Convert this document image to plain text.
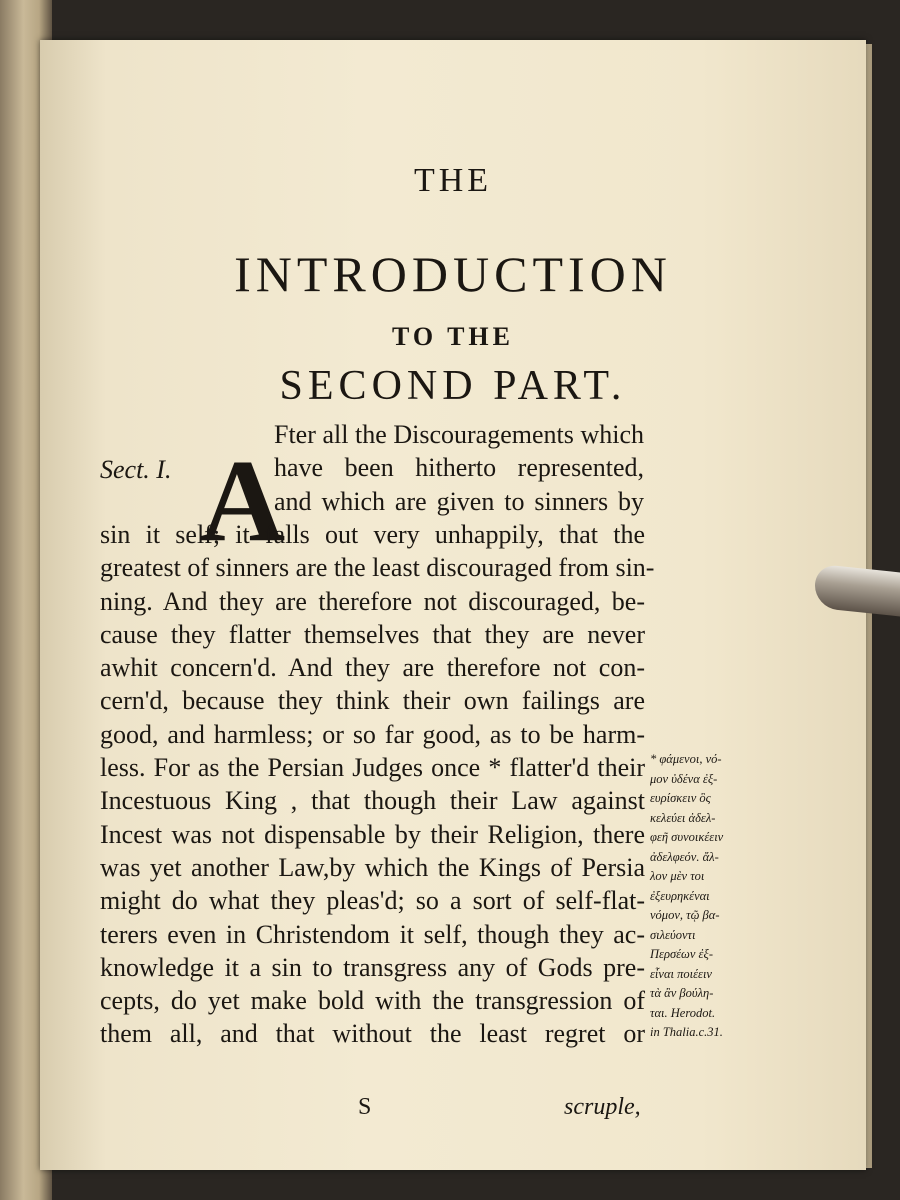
THE
INTRODUCTION
TO THE
SECOND PART.
Sect. I. A
Fter all the Discouragements which
have been hitherto represented,
and which are given to sinners by
sin it self; it falls out very unhappily, that the
greatest of sinners are the least discouraged from sin-
ning. And they are therefore not discouraged, be-
cause they flatter themselves that they are never
awhit concern'd. And they are therefore not con-
cern'd, because they think their own failings are
good, and harmless; or so far good, as to be harm-
less. For as the Persian Judges once * flatter'd their
Incestuous King , that though their Law against
Incest was not dispensable by their Religion, there
was yet another Law,by which the Kings of Persia
might do what they pleas'd; so a sort of self-flat-
terers even in Christendom it self, though they ac-
knowledge it a sin to transgress any of Gods pre-
cepts, do yet make bold with the transgression of
them all, and that without the least regret or
* φάμενοι, νό-
μον ὐδένα ἐξ-
ευρίσκειν ὃς
κελεύει ἀδελ-
φεῆ συνοικέειν
ἀδελφεόν. ἄλ-
λον μὲν τοι
ἐξευρηκέναι
νόμον, τῷ βα-
σιλεύοντι
Περσέων ἐξ-
εἶναι ποιέειν
τὰ ἂν βούλη-
ται. Herodot.
in Thalia.c.31.
S	scruple,
